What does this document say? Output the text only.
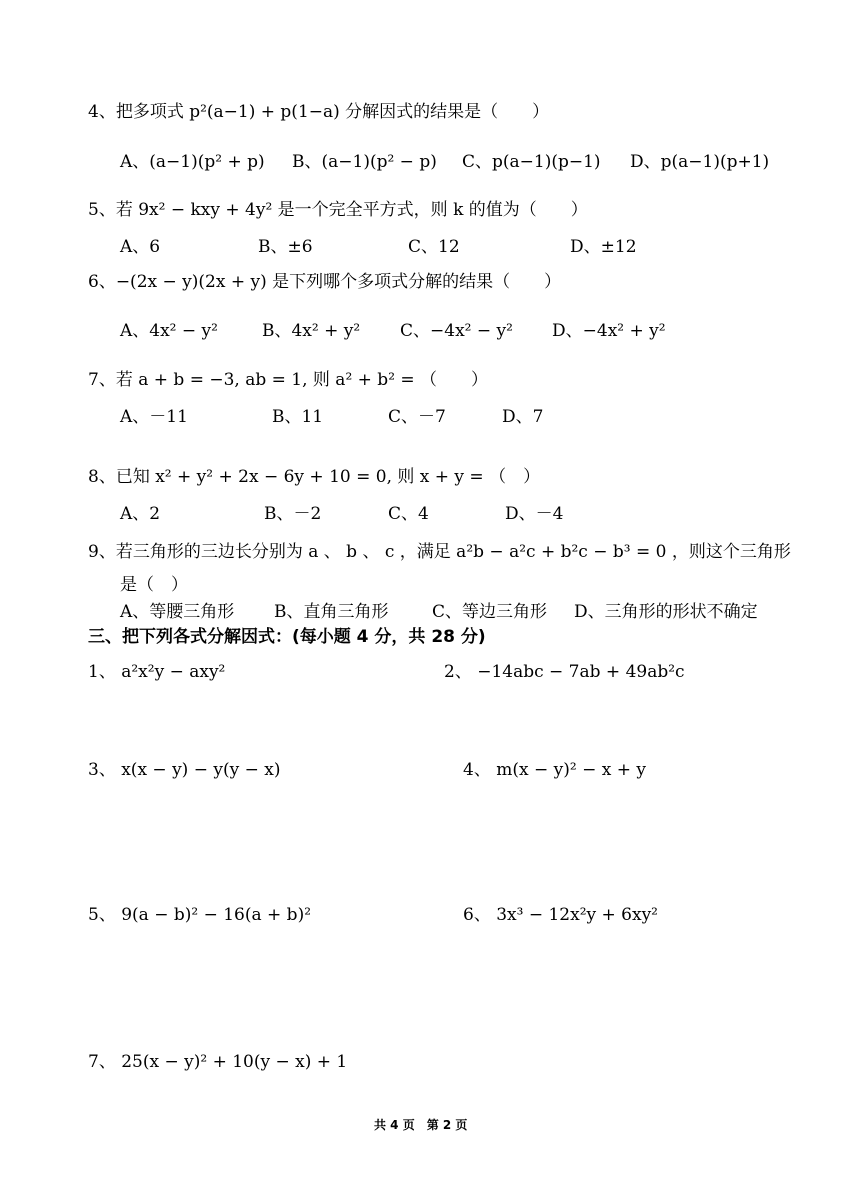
4、把多项式 p²(a−1) + p(1−a) 分解因式的结果是（　　）
A、(a−1)(p² + p) B、(a−1)(p² − p) C、p(a−1)(p−1) D、p(a−1)(p+1)
5、若 9x² − kxy + 4y² 是一个完全平方式，则 k 的值为（　　）
A、6	B、±6	C、12	D、±12
6、−(2x − y)(2x + y) 是下列哪个多项式分解的结果（　　）
A、4x² − y²	B、4x² + y² C、−4x² − y² D、−4x² + y²
7、若 a + b = −3, ab = 1, 则 a² + b² = （　　）
A、－11	B、11	C、－7	D、7
8、已知 x² + y² + 2x − 6y + 10 = 0, 则 x + y = （　）
A、2	B、－2	C、4	D、－4
9、若三角形的三边长分别为 a 、 b 、 c ，满足 a²b − a²c + b²c − b³ = 0 ，则这个三角形
是（　）
A、等腰三角形 B、直角三角形	C、等边三角形 D、三角形的形状不确定
三、把下列各式分解因式：(每小题 4 分，共 28 分)
1、 a²x²y − axy²	2、 −14abc − 7ab + 49ab²c
3、 x(x − y) − y(y − x)	4、 m(x − y)² − x + y
5、 9(a − b)² − 16(a + b)²	6、 3x³ − 12x²y + 6xy²
7、 25(x − y)² + 10(y − x) + 1
共 4 页　第 2 页
